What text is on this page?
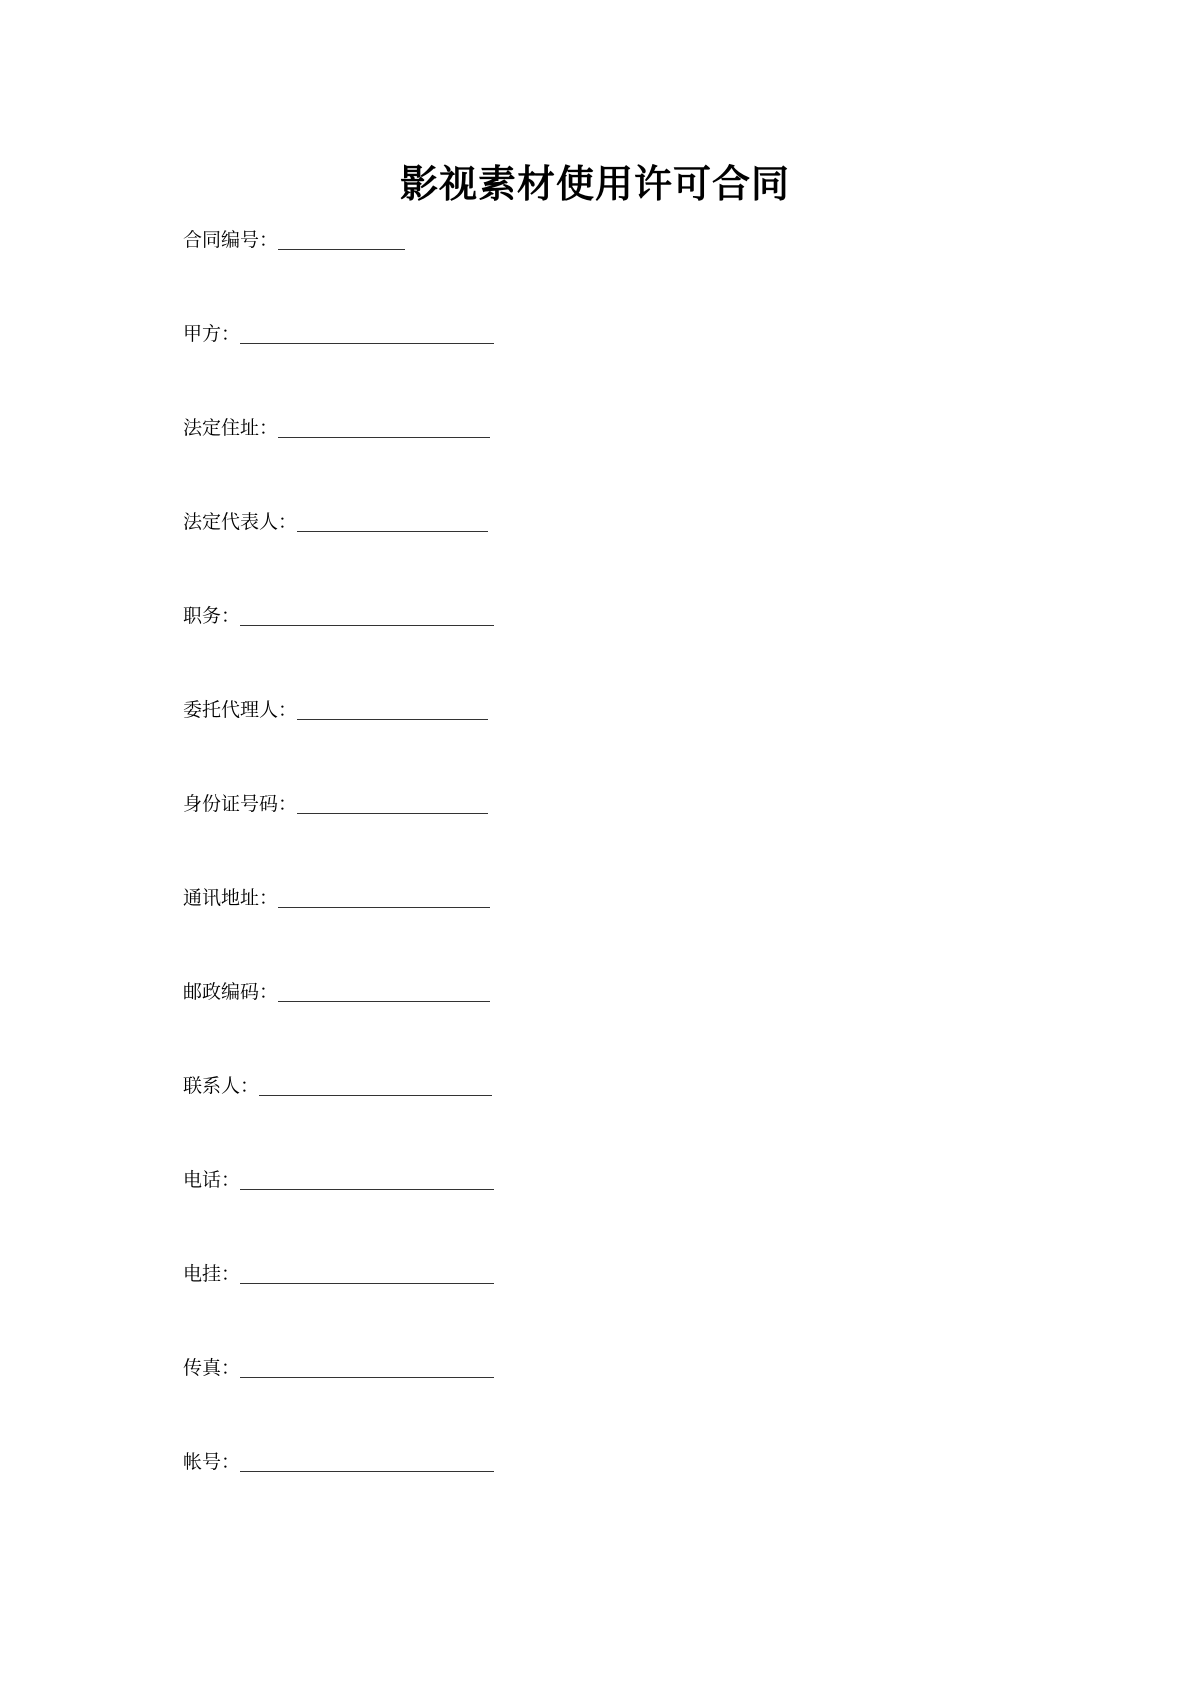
影视素材使用许可合同
合同编号：
甲方：
法定住址：
法定代表人：
职务：
委托代理人：
身份证号码：
通讯地址：
邮政编码：
联系人：
电话：
电挂：
传真：
帐号：
